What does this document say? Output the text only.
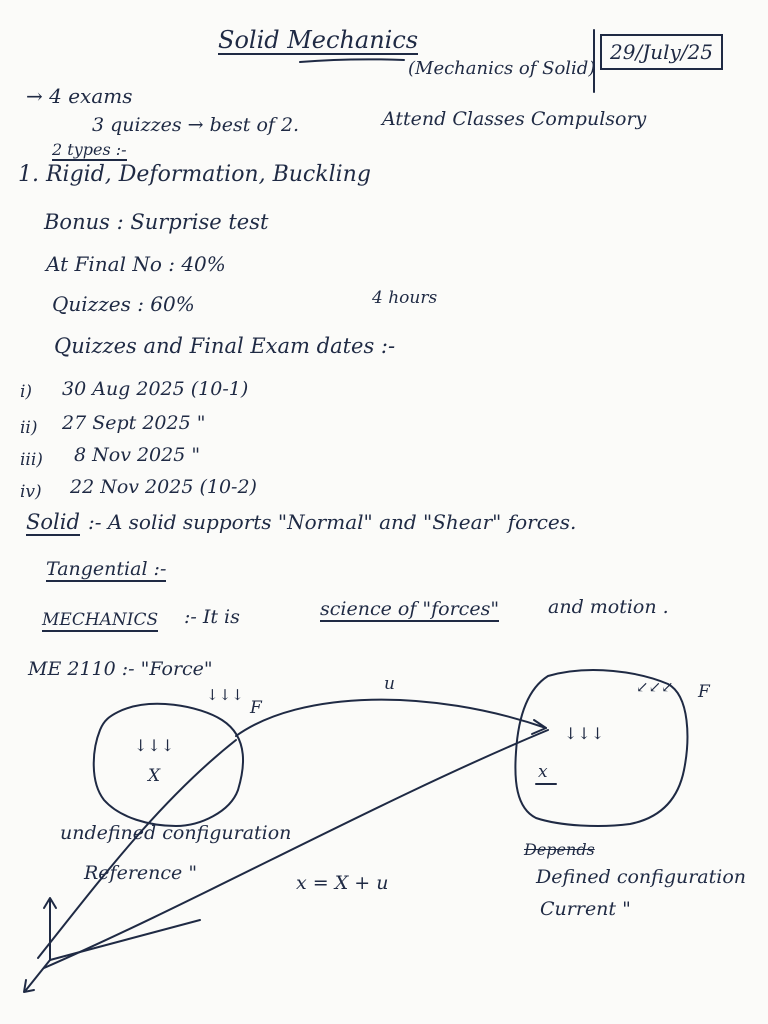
Solid Mechanics
(Mechanics of Solid)
29/July/25
→ 4 exams
3 quizzes → best of 2.	Attend Classes Compulsory
2 types :-
1. Rigid, Deformation, Buckling
Bonus : Surprise test
At Final No : 40%
Quizzes : 60%	4 hours
Quizzes and Final Exam dates :-
i) 30 Aug 2025 (10-1)
ii) 27 Sept 2025 "
iii) 8 Nov 2025 "
iv) 22 Nov 2025 (10-2)
Solid :- A solid supports "Normal" and "Shear" forces.
Tangential :-
MECHANICS :- It is	science of "forces"	and motion .
ME 2110 :- "Force"
↓↓↓
X
↓↓↓
F
u
↓↓↓
x
↙↙↙ F
undefined configuration
Reference "	x = X + u
Depends
Defined configuration
Current "
